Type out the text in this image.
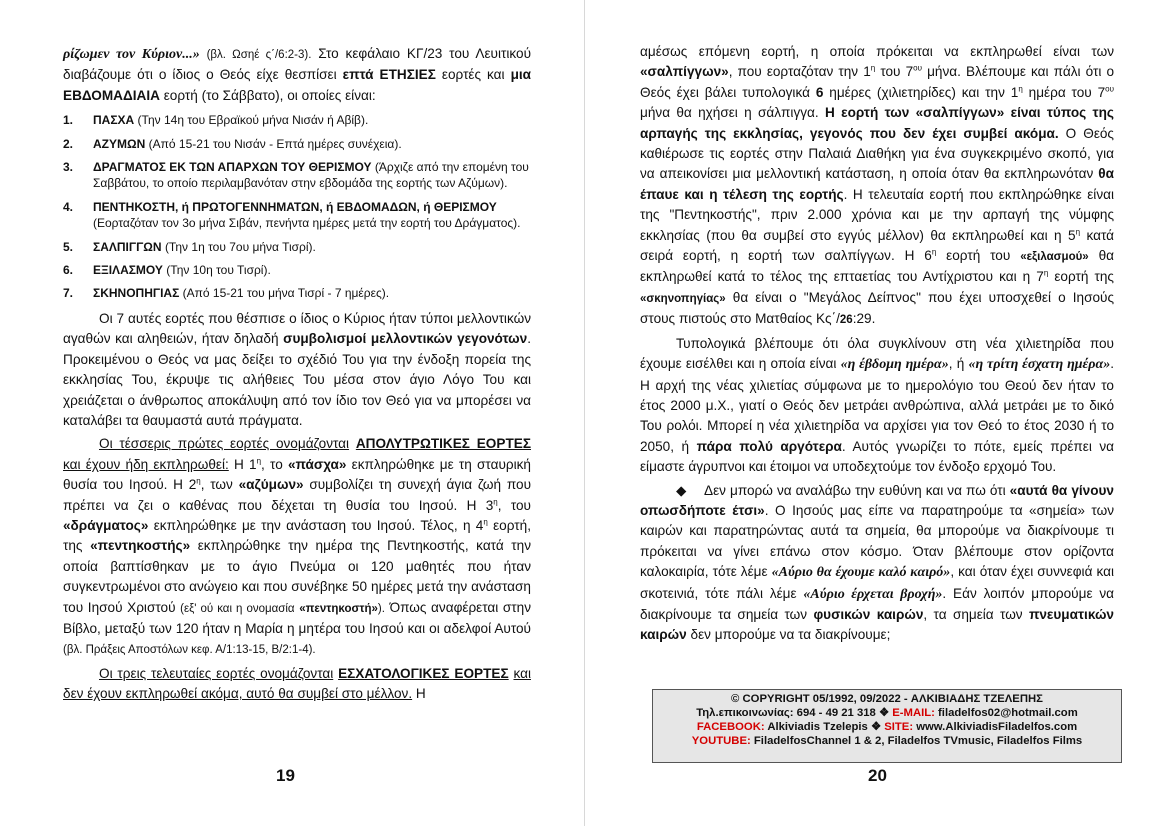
ρίζωμεν τον Κύριον...» (βλ. Ωσηέ ς΄/6:2-3). Στο κεφάλαιο ΚΓ/23 του Λευιτικού διαβάζουμε ότι ο ίδιος ο Θεός είχε θεσπίσει επτά ΕΤΗΣΙΕΣ εορτές και μια ΕΒΔΟΜΑΔΙΑΙΑ εορτή (το Σάββατο), οι οποίες είναι:

1.	ΠΑΣΧΑ (Την 14η του Εβραϊκού μήνα Νισάν ή Αβίβ).
2.	ΑΖΥΜΩΝ (Από 15-21 του Νισάν - Επτά ημέρες συνέχεια).
3.	ΔΡΑΓΜΑΤΟΣ ΕΚ ΤΩΝ ΑΠΑΡΧΩΝ ΤΟΥ ΘΕΡΙΣΜΟΥ (Άρχιζε από την επομένη του Σαββάτου, το οποίο περιλαμβανόταν στην εβδομάδα της εορτής των Αζύμων).
4.	ΠΕΝΤΗΚΟΣΤΗ, ή ΠΡΩΤΟΓΕΝΝΗΜΑΤΩΝ, ή ΕΒΔΟΜΑΔΩΝ, ή ΘΕΡΙΣΜΟΥ (Εορταζόταν τον 3ο μήνα Σιβάν, πενήντα ημέρες μετά την εορτή του Δράγματος).
5.	ΣΑΛΠΙΓΓΩΝ (Την 1η του 7ου μήνα Τισρί).
6.	ΕΞΙΛΑΣΜΟΥ (Την 10η του Τισρί).
7.	ΣΚΗΝΟΠΗΓΙΑΣ (Από 15-21 του μήνα Τισρί - 7 ημέρες).

Οι 7 αυτές εορτές που θέσπισε ο ίδιος ο Κύριος ήταν τύποι μελλοντικών αγαθών και αληθειών, ήταν δηλαδή συμβολισμοί μελλοντικών γεγονότων. Προκειμένου ο Θεός να μας δείξει το σχέδιό Του για την ένδοξη πορεία της εκκλησίας Του, έκρυψε τις αλήθειες Του μέσα στον άγιο Λόγο Του και χρειάζεται ο άνθρωπος αποκάλυψη από τον ίδιο τον Θεό για να μπορέσει να καταλάβει τα θαυμαστά αυτά πράγματα.

Οι τέσσερις πρώτες εορτές ονομάζονται ΑΠΟΛΥΤΡΩΤΙΚΕΣ ΕΟΡΤΕΣ και έχουν ήδη εκπληρωθεί: Η $1^\eta$, το «πάσχα» εκπληρώθηκε με τη σταυρική θυσία του Ιησού. Η $2^\eta$, των «αζύμων» συμβολίζει τη συνεχή άγια ζωή που πρέπει να ζει ο καθένας που δέχεται τη θυσία του Ιησού. Η $3^\eta$, του «δράγματος» εκπληρώθηκε με την ανάσταση του Ιησού. Τέλος, η $4^\eta$ εορτή, της «πεντηκοστής» εκπληρώθηκε την ημέρα της Πεντηκοστής, κατά την οποία βαπτίσθηκαν με το άγιο Πνεύμα οι 120 μαθητές που ήταν συγκεντρωμένοι στο ανώγειο και που συνέβηκε 50 ημέρες μετά την ανάσταση του Ιησού Χριστού (εξ' ού και η ονομασία «πεντηκοστή»). Όπως αναφέρεται στην Βίβλο, μεταξύ των 120 ήταν η Μαρία η μητέρα του Ιησού και οι αδελφοί Αυτού (βλ. Πράξεις Αποστόλων κεφ. Α/1:13-15, Β/2:1-4).

Οι τρεις τελευταίες εορτές ονομάζονται ΕΣΧΑΤΟΛΟΓΙΚΕΣ ΕΟΡΤΕΣ και δεν έχουν εκπληρωθεί ακόμα, αυτό θα συμβεί στο μέλλον. Η

19

αμέσως επόμενη εορτή, η οποία πρόκειται να εκπληρωθεί είναι των «σαλπίγγων», που εορταζόταν την $1^\eta$ του $7^{o\upsilon}$ μήνα. Βλέπουμε και πάλι ότι ο Θεός έχει βάλει τυπολογικά 6 ημέρες (χιλιετηρίδες) και την $1^\eta$ ημέρα του $7^{o\upsilon}$ μήνα θα ηχήσει η σάλπιγγα. Η εορτή των «σαλπίγγων» είναι τύπος της αρπαγής της εκκλησίας, γεγονός που δεν έχει συμβεί ακόμα. Ο Θεός καθιέρωσε τις εορτές στην Παλαιά Διαθήκη για ένα συγκεκριμένο σκοπό, για να απεικονίσει μια μελλοντική κατάσταση, η οποία όταν θα εκπληρωνόταν θα έπαυε και η τέλεση της εορτής. Η τελευταία εορτή που εκπληρώθηκε είναι της "Πεντηκοστής", πριν 2.000 χρόνια και με την αρπαγή της νύμφης εκκλησίας (που θα συμβεί στο εγγύς μέλλον) θα εκπληρωθεί και η $5^\eta$ κατά σειρά εορτή, η εορτή των σαλπίγγων. Η $6^\eta$ εορτή του «εξιλασμού» θα εκπληρωθεί κατά το τέλος της επταετίας του Αντίχριστου και η $7^\eta$ εορτή της «σκηνοπηγίας» θα είναι ο "Μεγάλος Δείπνος" που έχει υποσχεθεί ο Ιησούς στους πιστούς στο Ματθαίος Κς΄/26:29.

Τυπολογικά βλέπουμε ότι όλα συγκλίνουν στη νέα χιλιετηρίδα που έχουμε εισέλθει και η οποία είναι «η έβδομη ημέρα», ή «η τρίτη έσχατη ημέρα». Η αρχή της νέας χιλιετίας σύμφωνα με το ημερολόγιο του Θεού δεν ήταν το έτος 2000 μ.Χ., γιατί ο Θεός δεν μετράει ανθρώπινα, αλλά μετράει με το δικό Του ρολόι. Μπορεί η νέα χιλιετηρίδα να αρχίσει για τον Θεό το έτος 2030 ή το 2050, ή πάρα πολύ αργότερα. Αυτός γνωρίζει το πότε, εμείς πρέπει να είμαστε άγρυπνοι και έτοιμοι να υποδεχτούμε τον ένδοξο ερχομό Του.

◆ Δεν μπορώ να αναλάβω την ευθύνη και να πω ότι «αυτά θα γίνουν οπωσδήποτε έτσι». Ο Ιησούς μας είπε να παρατηρούμε τα «σημεία» των καιρών και παρατηρώντας αυτά τα σημεία, θα μπορούμε να διακρίνουμε τι πρόκειται να γίνει επάνω στον κόσμο. Όταν βλέπουμε στον ορίζοντα καλοκαιρία, τότε λέμε «Αύριο θα έχουμε καλό καιρό», και όταν έχει συννεφιά και σκοτεινιά, τότε πάλι λέμε «Αύριο έρχεται βροχή». Εάν λοιπόν μπορούμε να διακρίνουμε τα σημεία των φυσικών καιρών, τα σημεία των πνευματικών καιρών δεν μπορούμε να τα διακρίνουμε;

© COPYRIGHT 05/1992, 09/2022 - ΑΛΚΙΒΙΑΔΗΣ ΤΖΕΛΕΠΗΣ
Τηλ.επικοινωνίας: 694 - 49 21 318 ❖ E-MAIL: filadelfos02@hotmail.com
FACEBOOK: Alkiviadis Tzelepis ❖ SITE: www.AlkiviadisFiladelfos.com
YOUTUBE: FiladelfosChannel 1 & 2, Filadelfos TVmusic, Filadelfos Films
20
